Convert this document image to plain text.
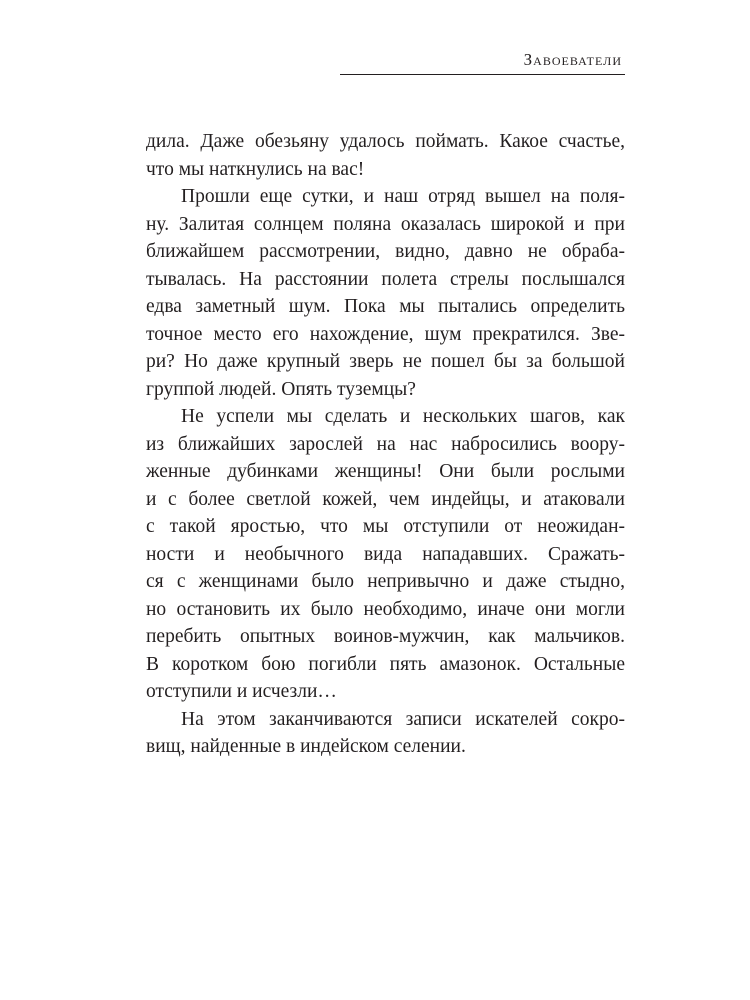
Завоеватели
дила. Даже обезьяну удалось поймать. Какое счастье,
что мы наткнулись на вас!
Прошли еще сутки, и наш отряд вышел на поля-
ну. Залитая солнцем поляна оказалась широкой и при
ближайшем рассмотрении, видно, давно не обраба-
тывалась. На расстоянии полета стрелы послышался
едва заметный шум. Пока мы пытались определить
точное место его нахождение, шум прекратился. Зве-
ри? Но даже крупный зверь не пошел бы за большой
группой людей. Опять туземцы?
Не успели мы сделать и нескольких шагов, как
из ближайших зарослей на нас набросились воору-
женные дубинками женщины! Они были рослыми
и с более светлой кожей, чем индейцы, и атаковали
с такой яростью, что мы отступили от неожидан-
ности и необычного вида нападавших. Сражать-
ся с женщинами было непривычно и даже стыдно,
но остановить их было необходимо, иначе они могли
перебить опытных воинов-мужчин, как мальчиков.
В коротком бою погибли пять амазонок. Остальные
отступили и исчезли…
На этом заканчиваются записи искателей сокро-
вищ, найденные в индейском селении.
